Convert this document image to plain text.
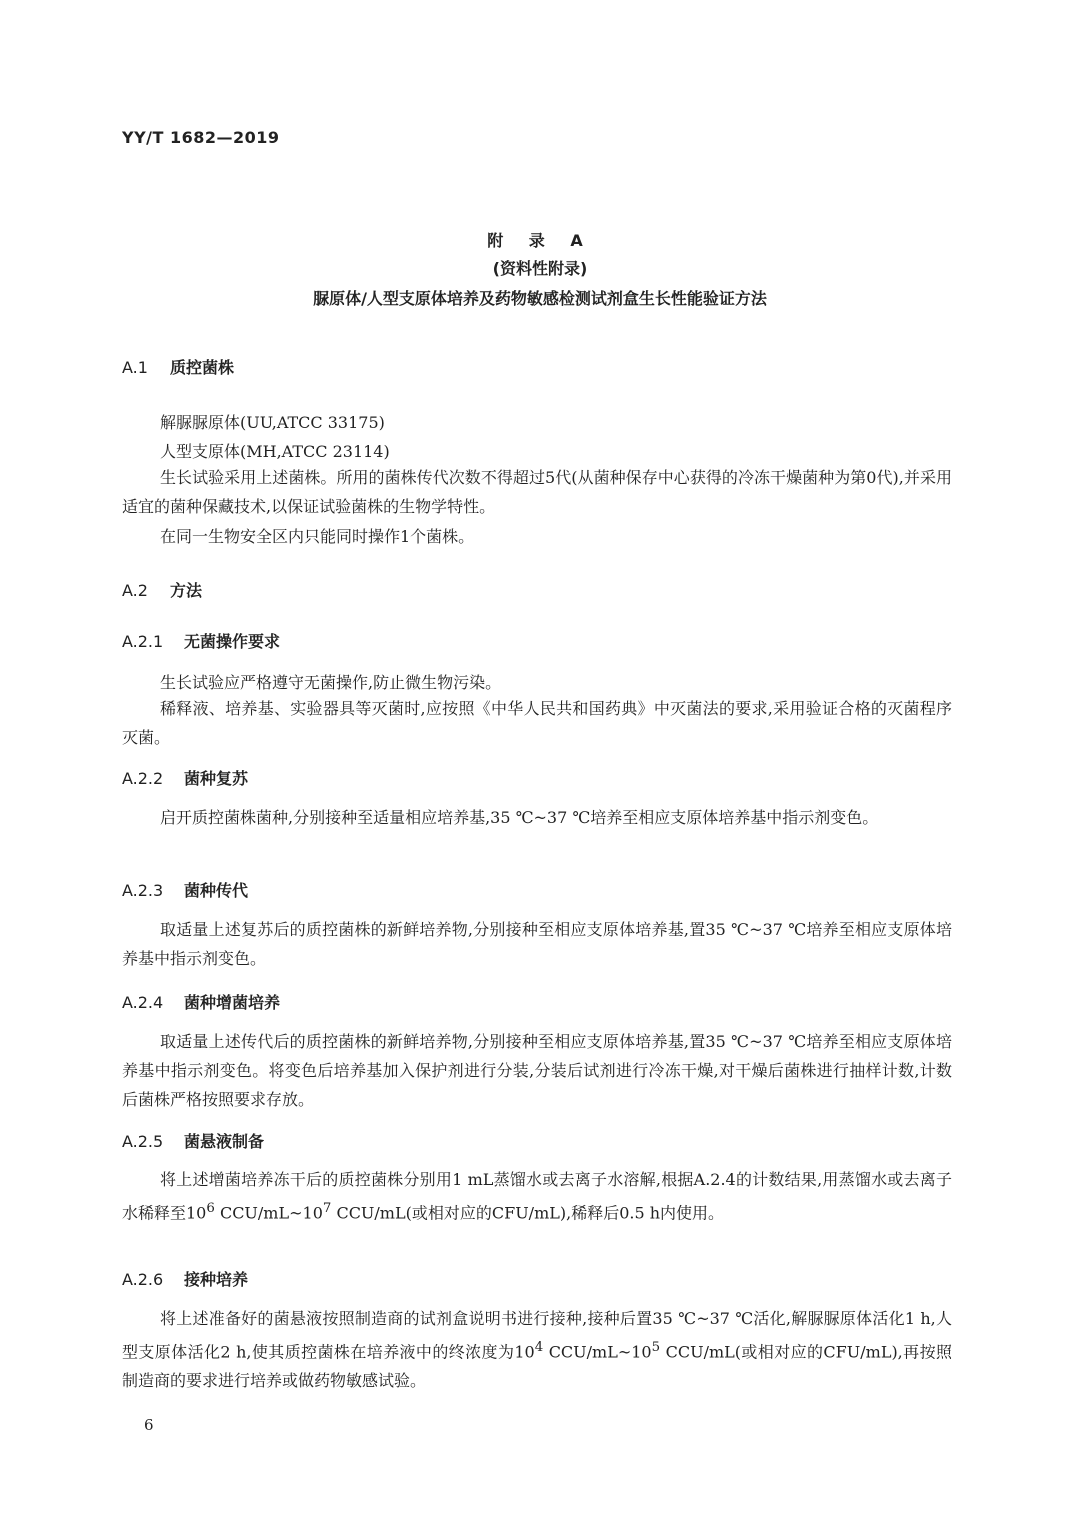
YY/T 1682—2019
附 录 A
(资料性附录)
脲原体/人型支原体培养及药物敏感检测试剂盒生长性能验证方法
A.1 质控菌株
解脲脲原体(UU,ATCC 33175)
人型支原体(MH,ATCC 23114)

生长试验采用上述菌株。所用的菌株传代次数不得超过5代(从菌种保存中心获得的冷冻干燥菌种为第0代),并采用适宜的菌种保藏技术,以保证试验菌株的生物学特性。

在同一生物安全区内只能同时操作1个菌株。
A.2 方法
A.2.1 无菌操作要求
生长试验应严格遵守无菌操作,防止微生物污染。

稀释液、培养基、实验器具等灭菌时,应按照《中华人民共和国药典》中灭菌法的要求,采用验证合格的灭菌程序灭菌。

A.2.2 菌种复苏

启开质控菌株菌种,分别接种至适量相应培养基,35 ℃~37 ℃培养至相应支原体培养基中指示剂变色。

A.2.3 菌种传代

取适量上述复苏后的质控菌株的新鲜培养物,分别接种至相应支原体培养基,置35 ℃~37 ℃培养至相应支原体培养基中指示剂变色。

A.2.4 菌种增菌培养

取适量上述传代后的质控菌株的新鲜培养物,分别接种至相应支原体培养基,置35 ℃~37 ℃培养至相应支原体培养基中指示剂变色。将变色后培养基加入保护剂进行分装,分装后试剂进行冷冻干燥,对干燥后菌株进行抽样计数,计数后菌株严格按照要求存放。

A.2.5 菌悬液制备

将上述增菌培养冻干后的质控菌株分别用1 mL蒸馏水或去离子水溶解,根据A.2.4的计数结果,用蒸馏水或去离子水稀释至$10^6$ CCU/$mL\sim 10^7$ CCU/mL(或相对应的CFU/mL),稀释后0.5 h内使用。

A.2.6 接种培养

将上述准备好的菌悬液按照制造商的试剂盒说明书进行接种,接种后置35 ℃~37 ℃活化,解脲脲原体活化1 h,人型支原体活化2 h,使其质控菌株在培养液中的终浓度为$10^4$ CCU/$mL\sim 10^5$ CCU/mL(或相对应的CFU/mL),再按照制造商的要求进行培养或做药物敏感试验。

6
